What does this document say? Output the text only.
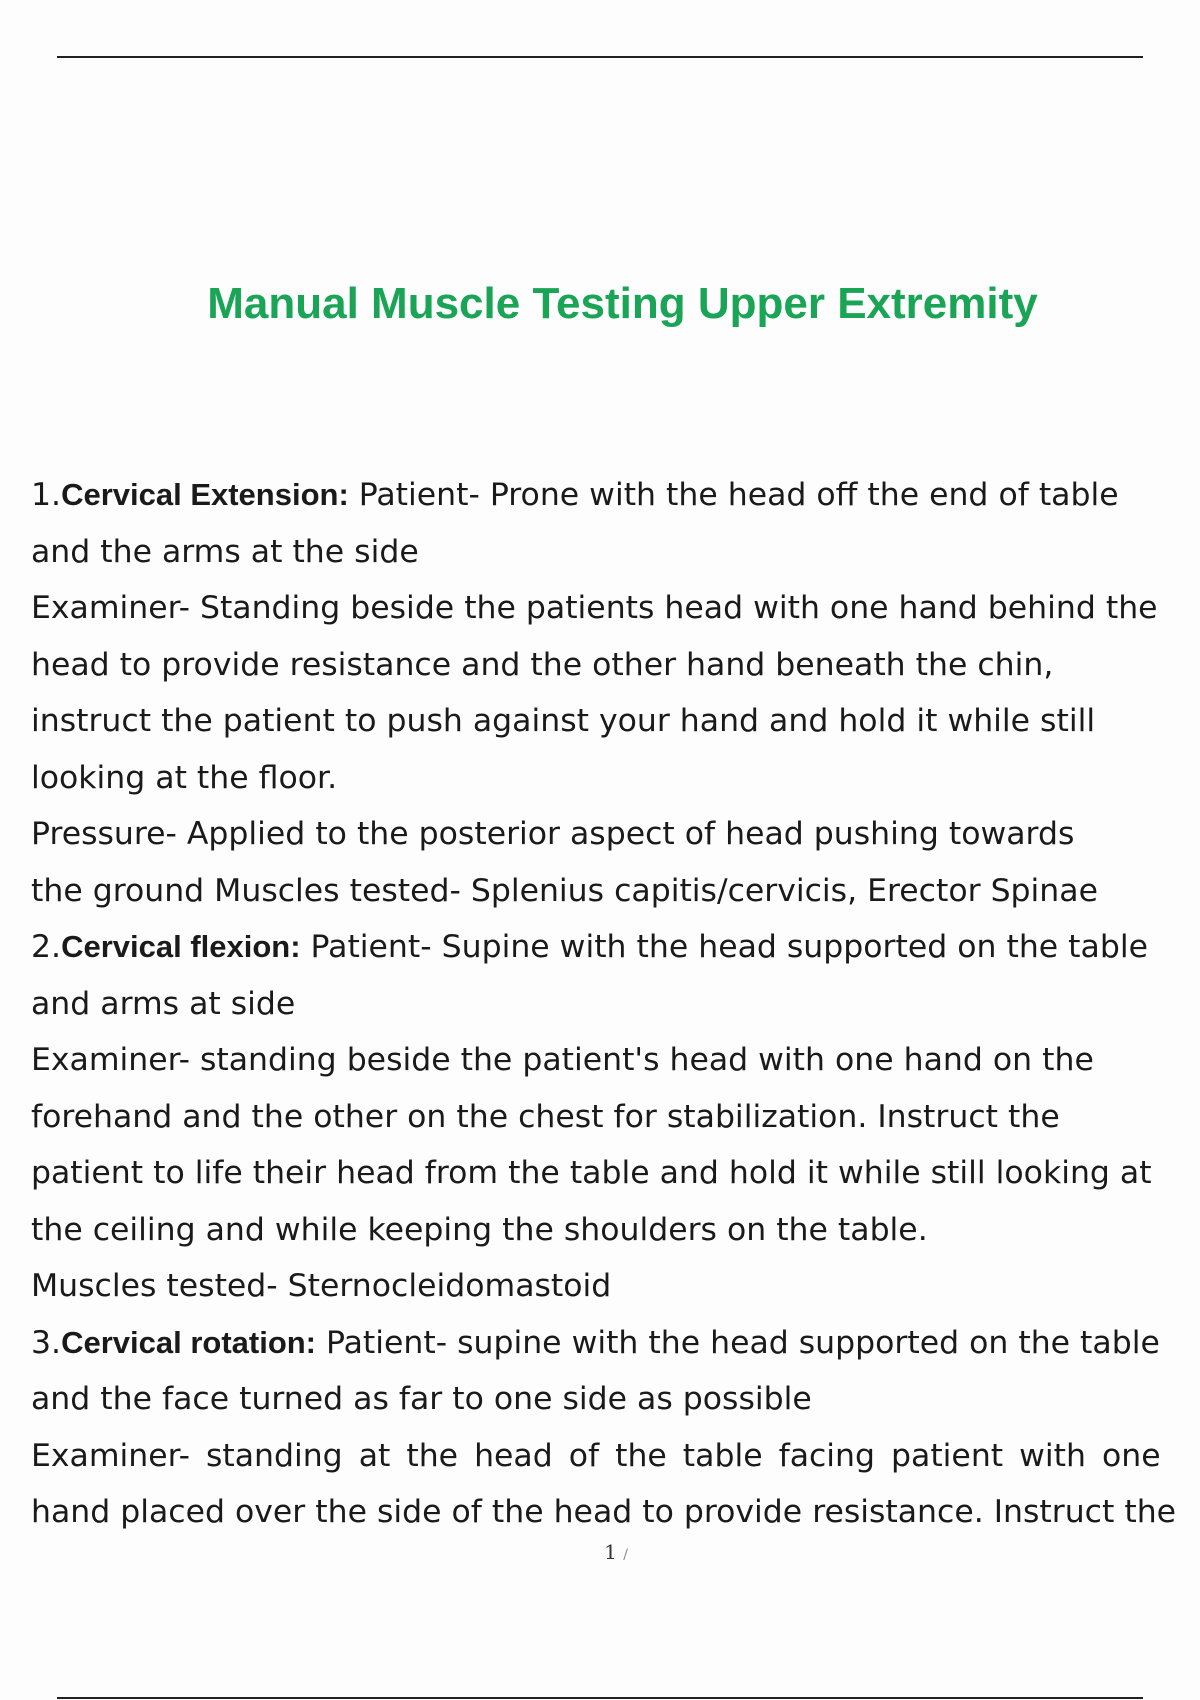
Manual Muscle Testing Upper Extremity
1.Cervical Extension: Patient- Prone with the head off the end of table
and the arms at the side
Examiner- Standing beside the patients head with one hand behind the
head to provide resistance and the other hand beneath the chin,
instruct the patient to push against your hand and hold it while still
looking at the floor.
Pressure- Applied to the posterior aspect of head pushing towards
the ground Muscles tested- Splenius capitis/cervicis, Erector Spinae
2.Cervical flexion: Patient- Supine with the head supported on the table
and arms at side
Examiner- standing beside the patient's head with one hand on the
forehand and the other on the chest for stabilization. Instruct the
patient to life their head from the table and hold it while still looking at
the ceiling and while keeping the shoulders on the table.
Muscles tested- Sternocleidomastoid
3.Cervical rotation: Patient- supine with the head supported on the table
and the face turned as far to one side as possible
Examiner- standing at the head of the table facing patient with one
hand placed over the side of the head to provide resistance. Instruct the
1 /
